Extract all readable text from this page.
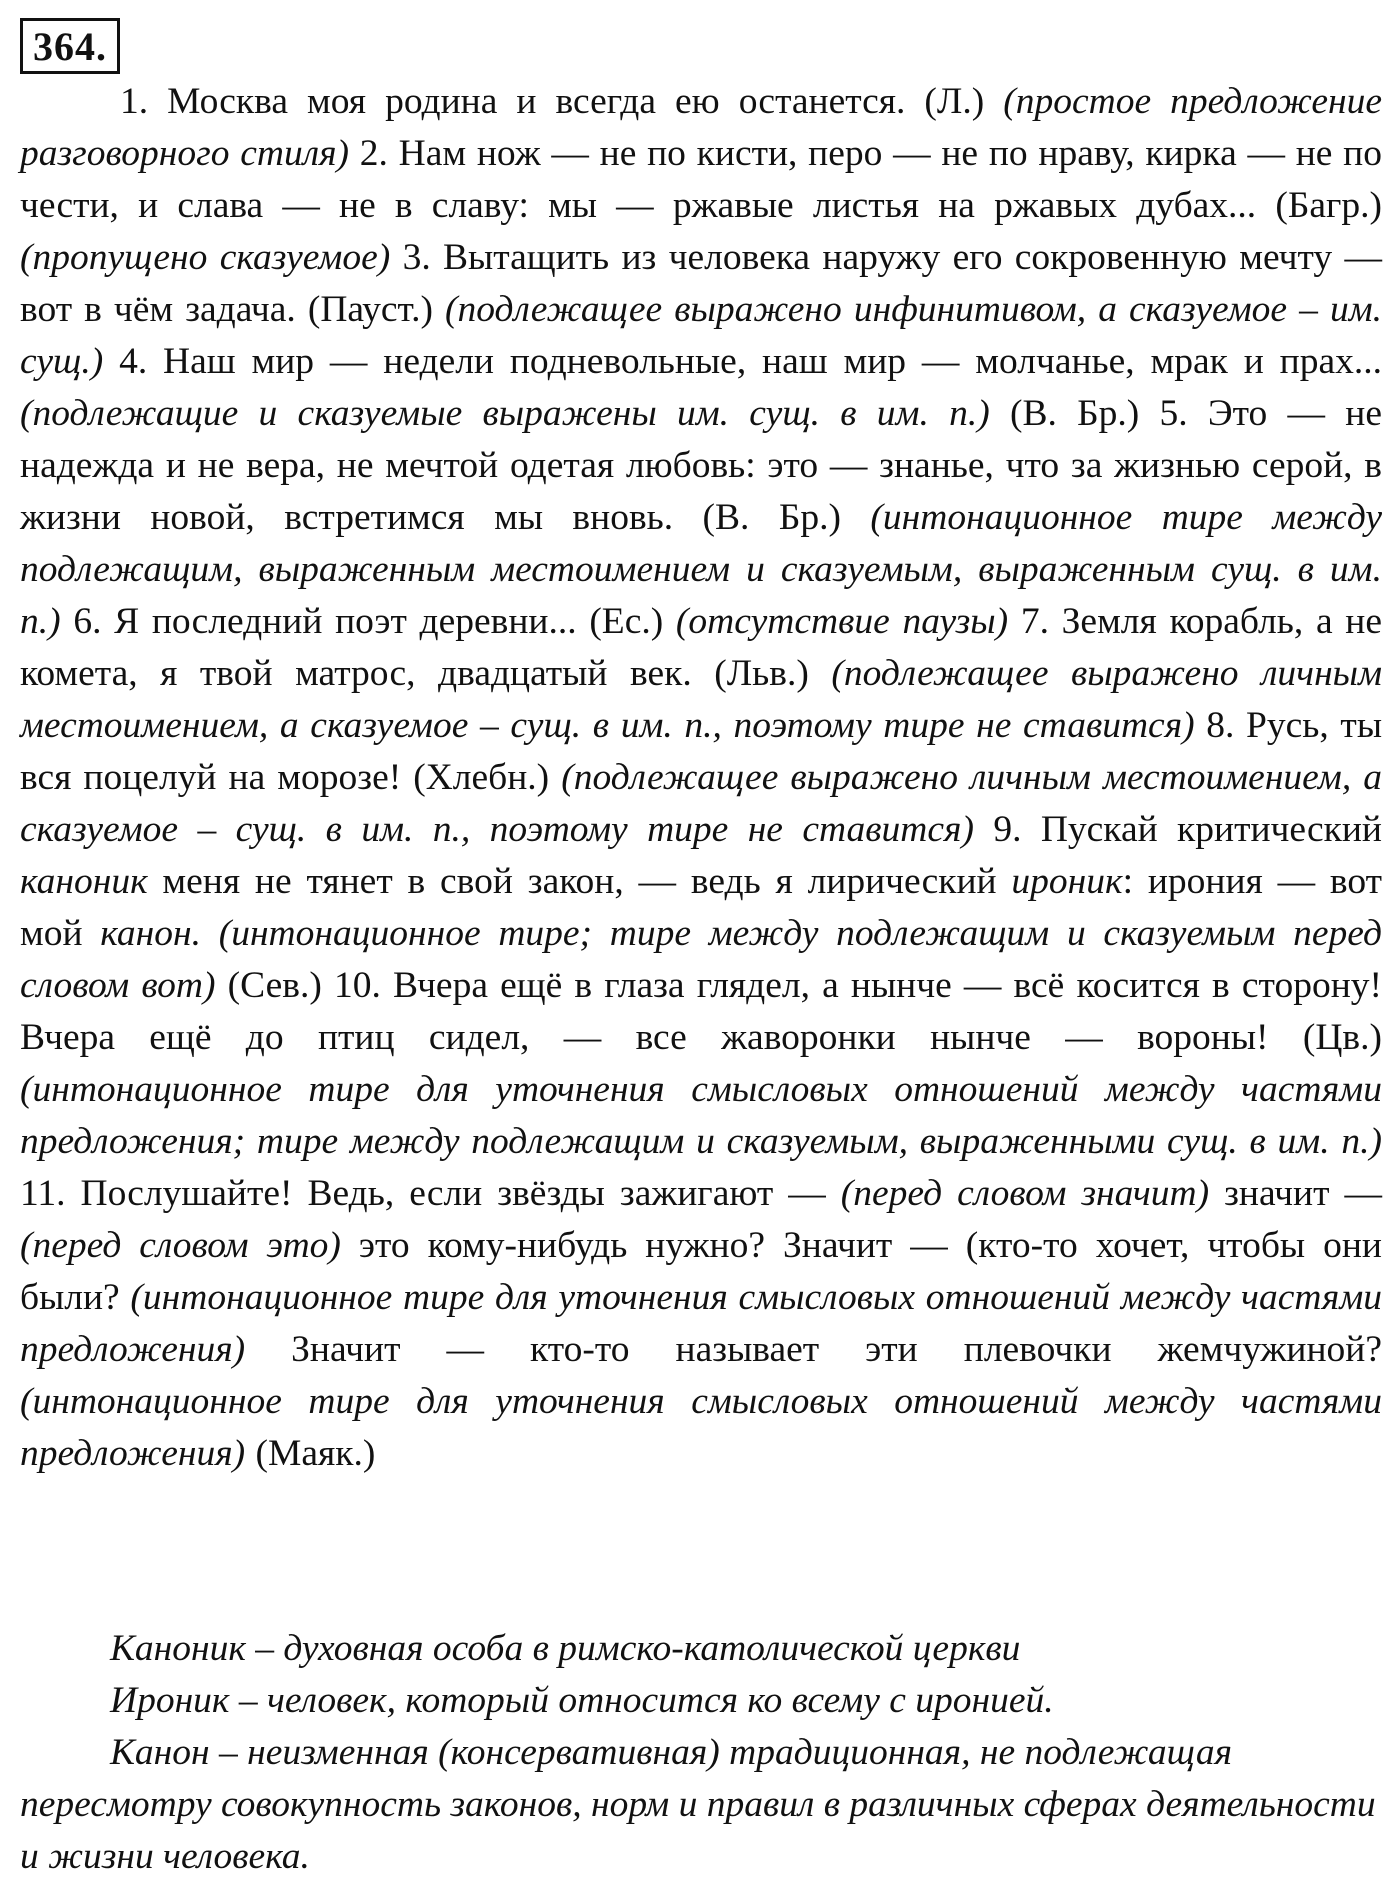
364.

1. Москва моя родина и всегда ею останется. (Л.) (простое предложение разговорного стиля) 2. Нам нож — не по кисти, перо — не по нраву, кирка — не по чести, и слава — не в славу: мы — ржавые листья на ржавых дубах... (Багр.) (пропущено сказуемое) 3. Вытащить из человека наружу его сокровенную мечту — вот в чём задача. (Пауст.) (подлежащее выражено инфинитивом, а сказуемое – им. сущ.) 4. Наш мир — недели подневольные, наш мир — молчанье, мрак и прах... (подлежащие и сказуемые выражены им. сущ. в им. п.) (В. Бр.) 5. Это — не надежда и не вера, не мечтой одетая любовь: это — знанье, что за жизнью серой, в жизни новой, встретимся мы вновь. (В. Бр.) (интонационное тире между подлежащим, выраженным местоимением и сказуемым, выраженным сущ. в им. п.) 6. Я последний поэт деревни... (Ес.) (отсутствие паузы) 7. Земля корабль, а не комета, я твой матрос, двадцатый век. (Льв.) (подлежащее выражено личным местоимением, а сказуемое – сущ. в им. п., поэтому тире не ставится) 8. Русь, ты вся поцелуй на морозе! (Хлебн.) (подлежащее выражено личным местоимением, а сказуемое – сущ. в им. п., поэтому тире не ставится) 9. Пускай критический каноник меня не тянет в свой закон, — ведь я лирический ироник: ирония — вот мой канон. (интонационное тире; тире между подлежащим и сказуемым перед словом вот) (Сев.) 10. Вчера ещё в глаза глядел, а нынче — всё косится в сторону! Вчера ещё до птиц сидел, — все жаворонки нынче — вороны! (Цв.) (интонационное тире для уточнения смысловых отношений между частями предложения; тире между подлежащим и сказуемым, выраженными сущ. в им. п.) 11. Послушайте! Ведь, если звёзды зажигают — (перед словом значит) значит — (перед словом это) это кому-нибудь нужно? Значит — (кто-то хочет, чтобы они были? (интонационное тире для уточнения смысловых отношений между частями предложения) Значит — кто-то называет эти плевочки жемчужиной? (интонационное тире для уточнения смысловых отношений между частями предложения) (Маяк.)

Каноник – духовная особа в римско-католической церкви

Ироник – человек, который относится ко всему с иронией.

Канон – неизменная (консервативная) традиционная, не подлежащая пересмотру совокупность законов, норм и правил в различных сферах деятельности и жизни человека.
